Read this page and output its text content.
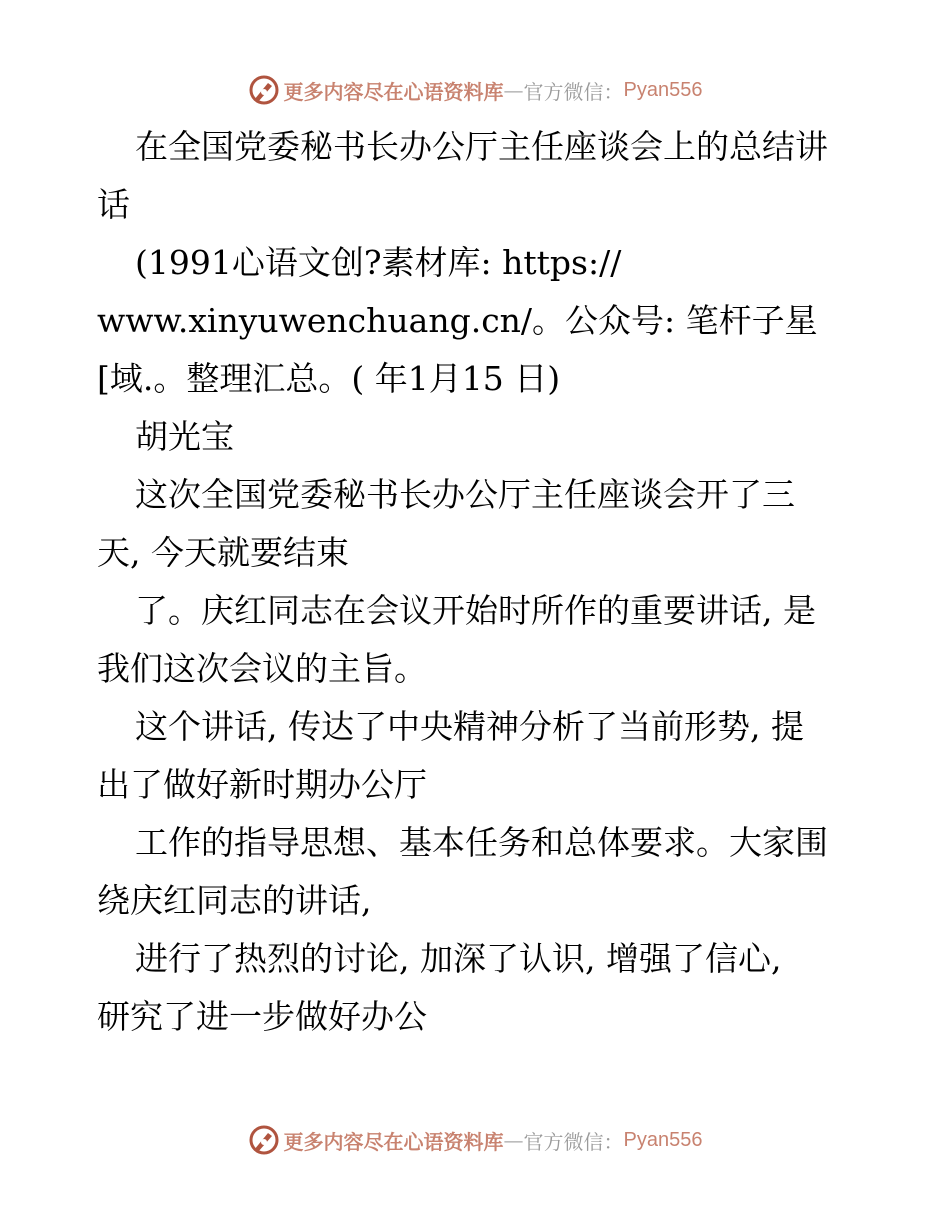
更多内容尽在心语资料库 — 官方微信： Pyan556
在全国党委秘书长办公厅主任座谈会上的总结讲
话
(1991心语文创?素材库: https://
www.xinyuwenchuang.cn/。公众号: 笔杆子星
[域.。整理汇总。( 年1月15 日)
胡光宝
这次全国党委秘书长办公厅主任座谈会开了三
天, 今天就要结束
了。庆红同志在会议开始时所作的重要讲话, 是
我们这次会议的主旨。
这个讲话, 传达了中央精神分析了当前形势, 提
出了做好新时期办公厅
工作的指导思想、基本任务和总体要求。大家围
绕庆红同志的讲话,
进行了热烈的讨论, 加深了认识, 增强了信心,
研究了进一步做好办公
更多内容尽在心语资料库 — 官方微信： Pyan556
